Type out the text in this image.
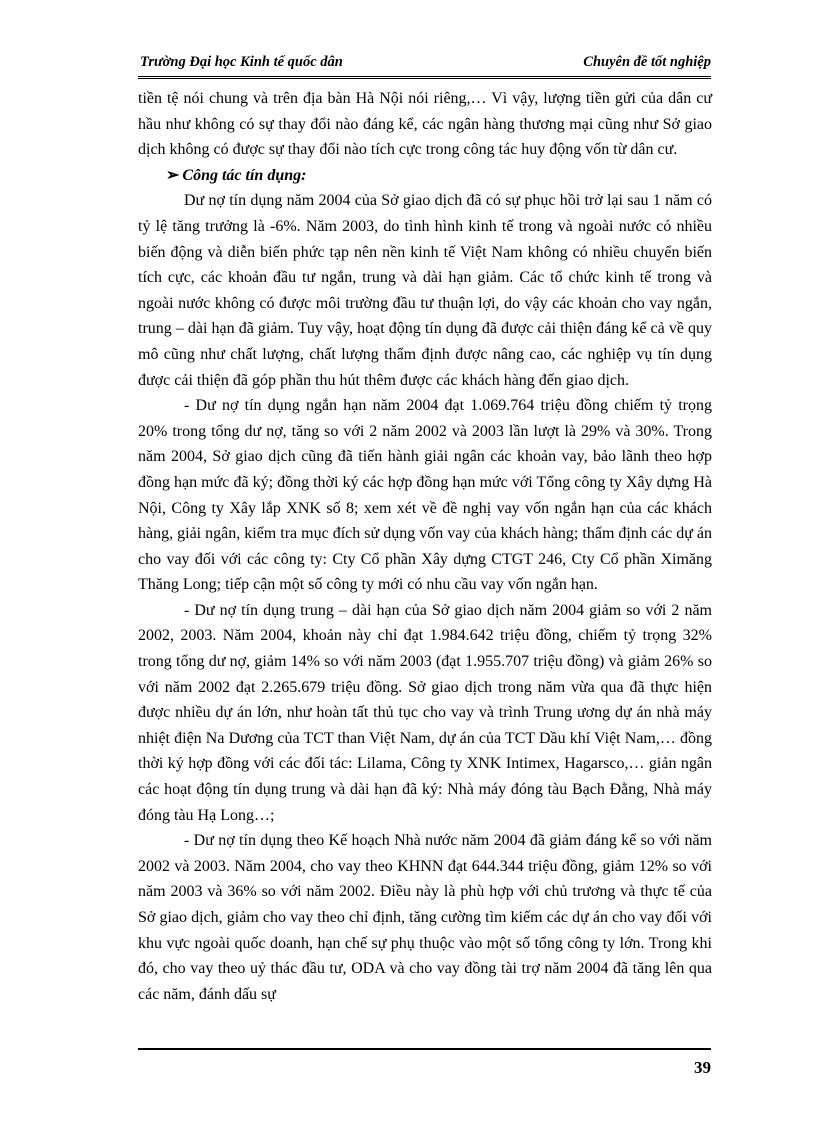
Trường Đại học Kinh tế quốc dân	Chuyên đề tốt nghiệp

tiền tệ nói chung và trên địa bàn Hà Nội nói riêng,… Vì vậy, lượng tiền gửi của dân cư hầu như không có sự thay đổi nào đáng kể, các ngân hàng thương mại cũng như Sở giao dịch không có được sự thay đổi nào tích cực trong công tác huy động vốn từ dân cư.

➢ Công tác tín dụng:

Dư nợ tín dụng năm 2004 của Sở giao dịch đã có sự phục hồi trở lại sau 1 năm có tỷ lệ tăng trưởng là -6%. Năm 2003, do tình hình kinh tế trong và ngoài nước có nhiều biến động và diễn biến phức tạp nên nền kinh tế Việt Nam không có nhiều chuyển biến tích cực, các khoản đầu tư ngắn, trung và dài hạn giảm. Các tổ chức kinh tế trong và ngoài nước không có được môi trường đầu tư thuận lợi, do vậy các khoản cho vay ngắn, trung – dài hạn đã giảm. Tuy vậy, hoạt động tín dụng đã được cải thiện đáng kể cả về quy mô cũng như chất lượng, chất lượng thẩm định được nâng cao, các nghiệp vụ tín dụng được cải thiện đã góp phần thu hút thêm được các khách hàng đến giao dịch.

- Dư nợ tín dụng ngắn hạn năm 2004 đạt 1.069.764 triệu đồng chiếm tỷ trọng 20% trong tổng dư nợ, tăng so với 2 năm 2002 và 2003 lần lượt là 29% và 30%. Trong năm 2004, Sở giao dịch cũng đã tiến hành giải ngân các khoản vay, bảo lãnh theo hợp đồng hạn mức đã ký; đồng thời ký các hợp đồng hạn mức với Tổng công ty Xây dựng Hà Nội, Công ty Xây lắp XNK số 8; xem xét về đề nghị vay vốn ngắn hạn của các khách hàng, giải ngân, kiểm tra mục đích sử dụng vốn vay của khách hàng; thẩm định các dự án cho vay đối với các công ty: Cty Cổ phần Xây dựng CTGT 246, Cty Cổ phần Ximăng Thăng Long; tiếp cận một số công ty mới có nhu cầu vay vốn ngắn hạn.

- Dư nợ tín dụng trung – dài hạn của Sở giao dịch năm 2004 giảm so với 2 năm 2002, 2003. Năm 2004, khoản này chỉ đạt 1.984.642 triệu đồng, chiếm tỷ trọng 32% trong tổng dư nợ, giảm 14% so với năm 2003 (đạt 1.955.707 triệu đồng) và giảm 26% so với năm 2002 đạt 2.265.679 triệu đồng. Sở giao dịch trong năm vừa qua đã thực hiện được nhiều dự án lớn, như hoàn tất thủ tục cho vay và trình Trung ương dự án nhà máy nhiệt điện Na Dương của TCT than Việt Nam, dự án của TCT Dầu khí Việt Nam,… đồng thời ký hợp đồng với các đối tác: Lilama, Công ty XNK Intimex, Hagarsco,… giản ngân các hoạt động tín dụng trung và dài hạn đã ký: Nhà máy đóng tàu Bạch Đằng, Nhà máy đóng tàu Hạ Long…;

- Dư nợ tín dụng theo Kế hoạch Nhà nước năm 2004 đã giảm đáng kể so với năm 2002 và 2003. Năm 2004, cho vay theo KHNN đạt 644.344 triệu đồng, giảm 12% so với năm 2003 và 36% so với năm 2002. Điều này là phù hợp với chủ trương và thực tế của Sở giao dịch, giảm cho vay theo chỉ định, tăng cường tìm kiếm các dự án cho vay đối với khu vực ngoài quốc doanh, hạn chế sự phụ thuộc vào một số tổng công ty lớn. Trong khi đó, cho vay theo uỷ thác đầu tư, ODA và cho vay đồng tài trợ năm 2004 đã tăng lên qua các năm, đánh dấu sự

39
